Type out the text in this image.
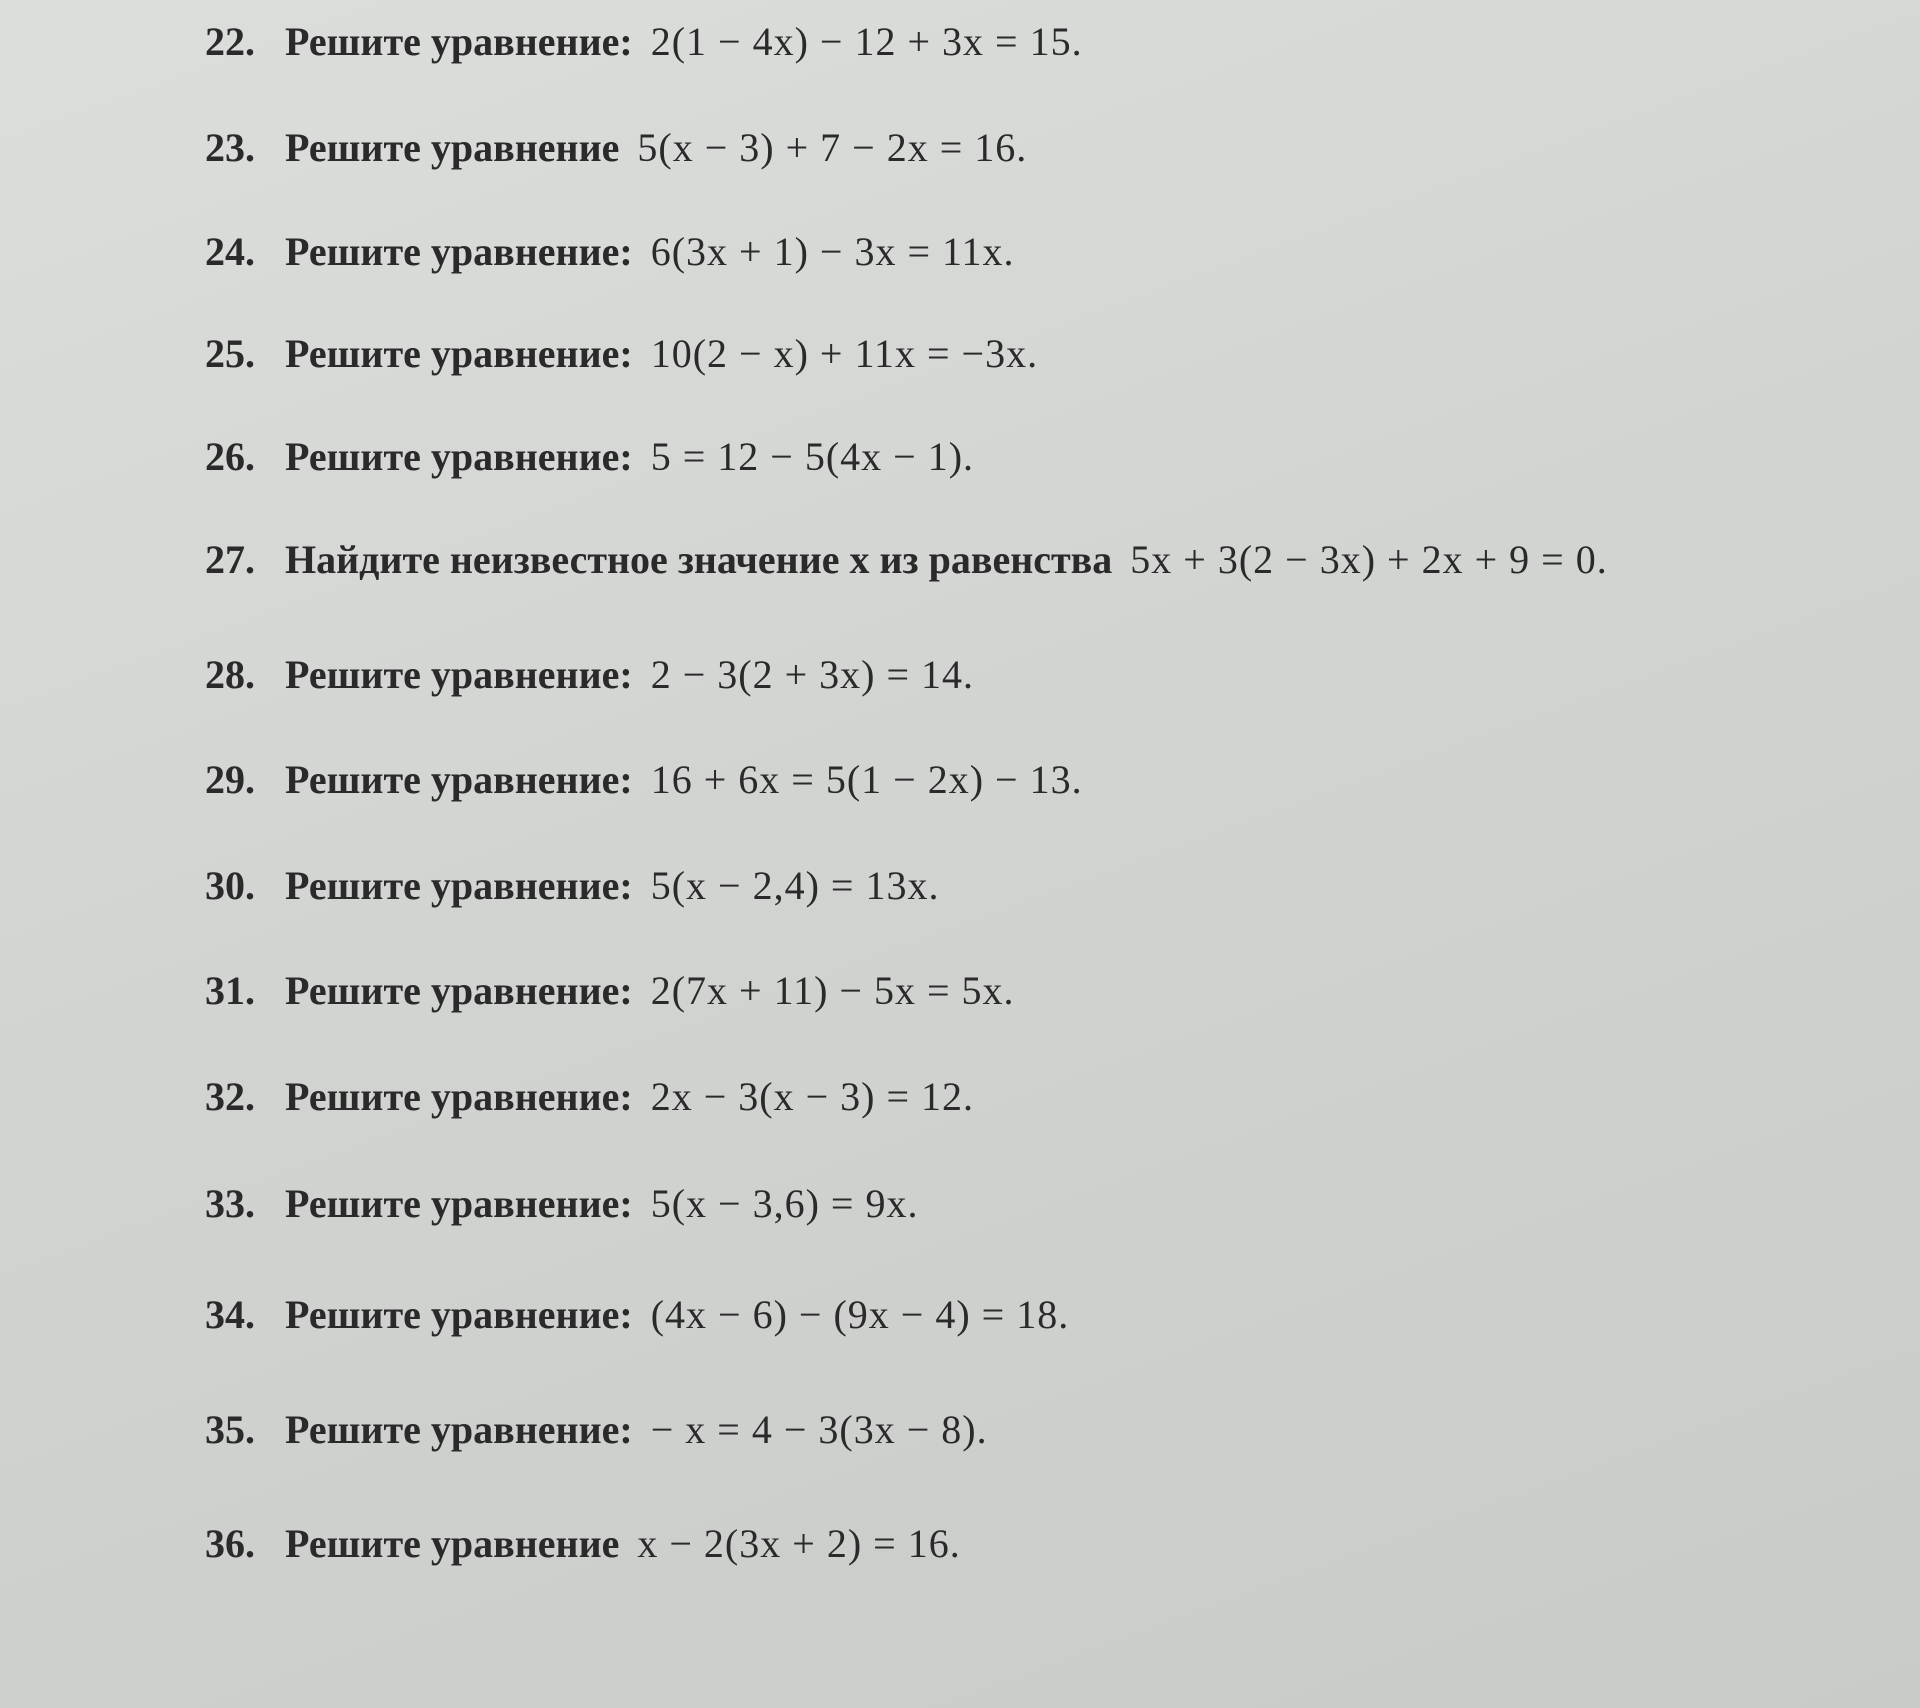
22. Решите уравнение: 2(1 − 4x) − 12 + 3x = 15.
23. Решите уравнение 5(x − 3) + 7 − 2x = 16.
24. Решите уравнение: 6(3x + 1) − 3x = 11x.
25. Решите уравнение: 10(2 − x) + 11x = −3x.
26. Решите уравнение: 5 = 12 − 5(4x − 1).
27. Найдите неизвестное значение x из равенства 5x + 3(2 − 3x) + 2x + 9 = 0.
28. Решите уравнение: 2 − 3(2 + 3x) = 14.
29. Решите уравнение: 16 + 6x = 5(1 − 2x) − 13.
30. Решите уравнение: 5(x − 2,4) = 13x.
31. Решите уравнение: 2(7x + 11) − 5x = 5x.
32. Решите уравнение: 2x − 3(x − 3) = 12.
33. Решите уравнение: 5(x − 3,6) = 9x.
34. Решите уравнение: (4x − 6) − (9x − 4) = 18.
35. Решите уравнение: − x = 4 − 3(3x − 8).
36. Решите уравнение x − 2(3x + 2) = 16.
